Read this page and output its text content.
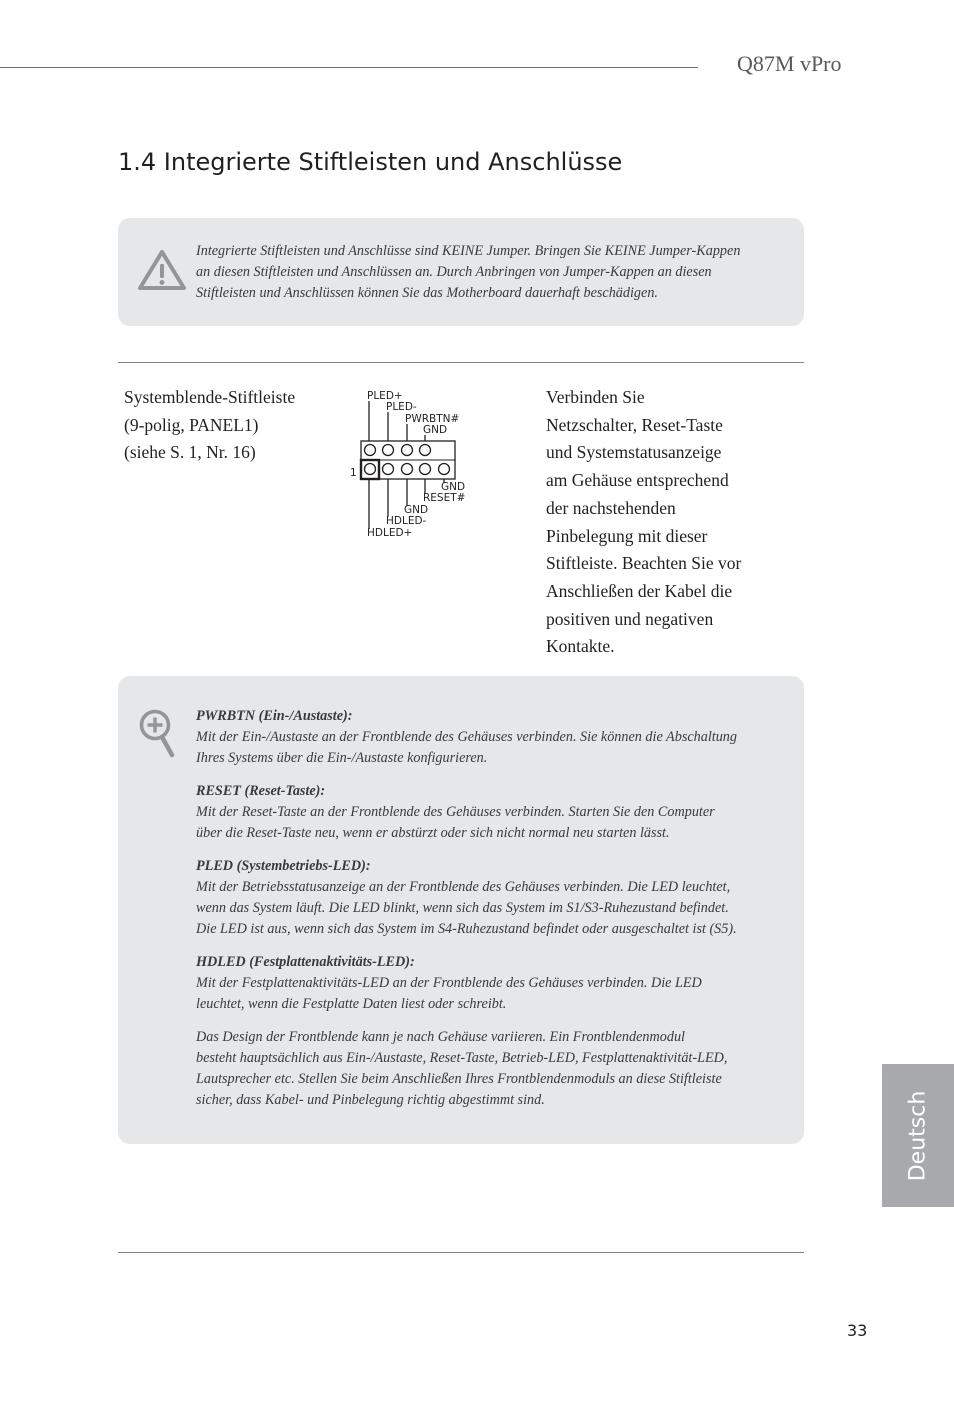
Q87M vPro
1.4 Integrierte Stiftleisten und Anschlüsse
Integrierte Stiftleisten und Anschlüsse sind KEINE Jumper. Bringen Sie KEINE Jumper-Kappen
an diesen Stiftleisten und Anschlüssen an. Durch Anbringen von Jumper-Kappen an diesen
Stiftleisten und Anschlüssen können Sie das Motherboard dauerhaft beschädigen.
Systemblende-Stiftleiste
(9-polig, PANEL1)
(siehe S. 1, Nr. 16)
PLED+
PLED-
PWRBTN#
GND
1
GND
RESET#
GND
HDLED-
HDLED+
Verbinden Sie
Netzschalter, Reset-Taste
und Systemstatusanzeige
am Gehäuse entsprechend
der nachstehenden
Pinbelegung mit dieser
Stiftleiste. Beachten Sie vor
Anschließen der Kabel die
positiven und negativen
Kontakte.
PWRBTN (Ein-/Austaste):
Mit der Ein-/Austaste an der Frontblende des Gehäuses verbinden. Sie können die Abschaltung
Ihres Systems über die Ein-/Austaste konfigurieren.
RESET (Reset-Taste):
Mit der Reset-Taste an der Frontblende des Gehäuses verbinden. Starten Sie den Computer
über die Reset-Taste neu, wenn er abstürzt oder sich nicht normal neu starten lässt.
PLED (Systembetriebs-LED):
Mit der Betriebsstatusanzeige an der Frontblende des Gehäuses verbinden. Die LED leuchtet,
wenn das System läuft. Die LED blinkt, wenn sich das System im S1/S3-Ruhezustand befindet.
Die LED ist aus, wenn sich das System im S4-Ruhezustand befindet oder ausgeschaltet ist (S5).
HDLED (Festplattenaktivitäts-LED):
Mit der Festplattenaktivitäts-LED an der Frontblende des Gehäuses verbinden. Die LED
leuchtet, wenn die Festplatte Daten liest oder schreibt.
Das Design der Frontblende kann je nach Gehäuse variieren. Ein Frontblendenmodul
besteht hauptsächlich aus Ein-/Austaste, Reset-Taste, Betrieb-LED, Festplattenaktivität-LED,
Lautsprecher etc. Stellen Sie beim Anschließen Ihres Frontblendenmoduls an diese Stiftleiste
sicher, dass Kabel- und Pinbelegung richtig abgestimmt sind.	Deutsch
33
